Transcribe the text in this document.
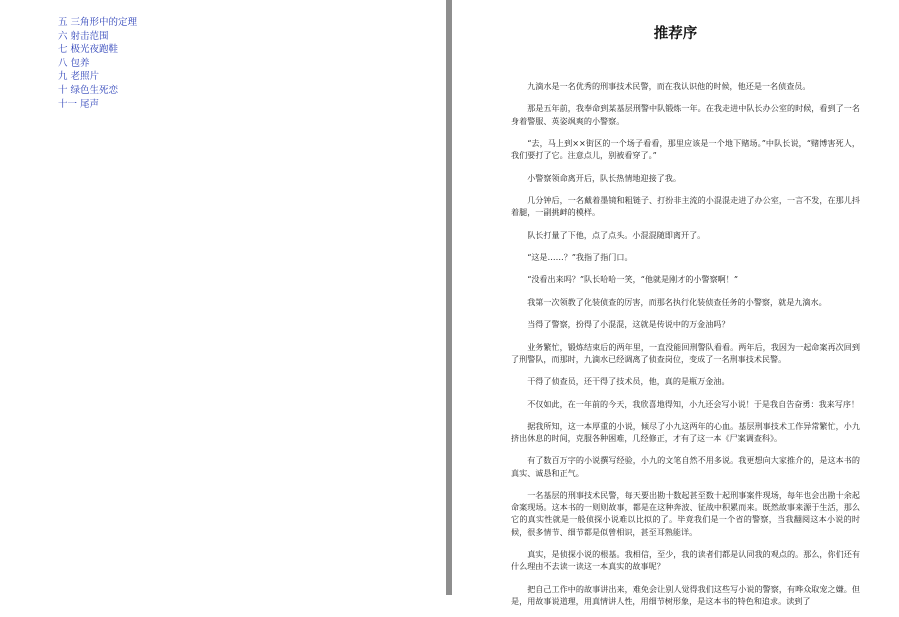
五 三角形中的定理
六 射击范围
七 极光夜跑鞋
八 包养
九 老照片
十 绿色生死恋
十一 尾声
推荐序

九滴水是一名优秀的刑事技术民警，而在我认识他的时候，他还是一名侦查员。

那是五年前，我奉命到某基层刑警中队锻炼一年。在我走进中队长办公室的时候，看到了一名身着警服、英姿飒爽的小警察。

“去，马上到××街区的一个场子看看，那里应该是一个地下赌场。”中队长说，“赌博害死人，我们要打了它。注意点儿，别被看穿了。”

小警察领命离开后，队长热情地迎接了我。

几分钟后，一名戴着墨镜和粗链子、打扮非主流的小混混走进了办公室，一言不发，在那儿抖着腿，一副挑衅的模样。

队长打量了下他，点了点头。小混混随即离开了。

“这是……？”我指了指门口。

“没看出来吗？”队长哈哈一笑，“他就是刚才的小警察啊！”

我第一次领教了化装侦查的厉害，而那名执行化装侦查任务的小警察，就是九滴水。

当得了警察，扮得了小混混，这就是传说中的万金油吗？

业务繁忙，锻炼结束后的两年里，一直没能回刑警队看看。两年后，我因为一起命案再次回到了刑警队，而那时，九滴水已经调离了侦查岗位，变成了一名刑事技术民警。

干得了侦查员，还干得了技术员，他，真的是瓶万金油。

不仅如此，在一年前的今天，我欣喜地得知，小九还会写小说！于是我自告奋勇：我来写序！

据我所知，这一本厚重的小说，倾尽了小九这两年的心血。基层刑事技术工作异常繁忙，小九挤出休息的时间，克服各种困难，几经修正，才有了这一本《尸案调查科》。

有了数百万字的小说撰写经验，小九的文笔自然不用多说。我更想向大家推介的，是这本书的真实、诚恳和正气。

一名基层的刑事技术民警，每天要出勘十数起甚至数十起刑事案件现场，每年也会出勘十余起命案现场。这本书的一则则故事，都是在这种奔波、征战中积累而来。既然故事来源于生活，那么它的真实性就是一般侦探小说难以比拟的了。毕竟我们是一个省的警察，当我翻阅这本小说的时候，很多情节、细节都是似曾相识，甚至耳熟能详。

真实，是侦探小说的根基。我相信，至少，我的读者们都是认同我的观点的。那么，你们还有什么理由不去读一读这一本真实的故事呢？

把自己工作中的故事讲出来，难免会让别人觉得我们这些写小说的警察，有哗众取宠之嫌。但是，用故事说道理，用真情讲人性，用细节树形象，是这本书的特色和追求。读到了
